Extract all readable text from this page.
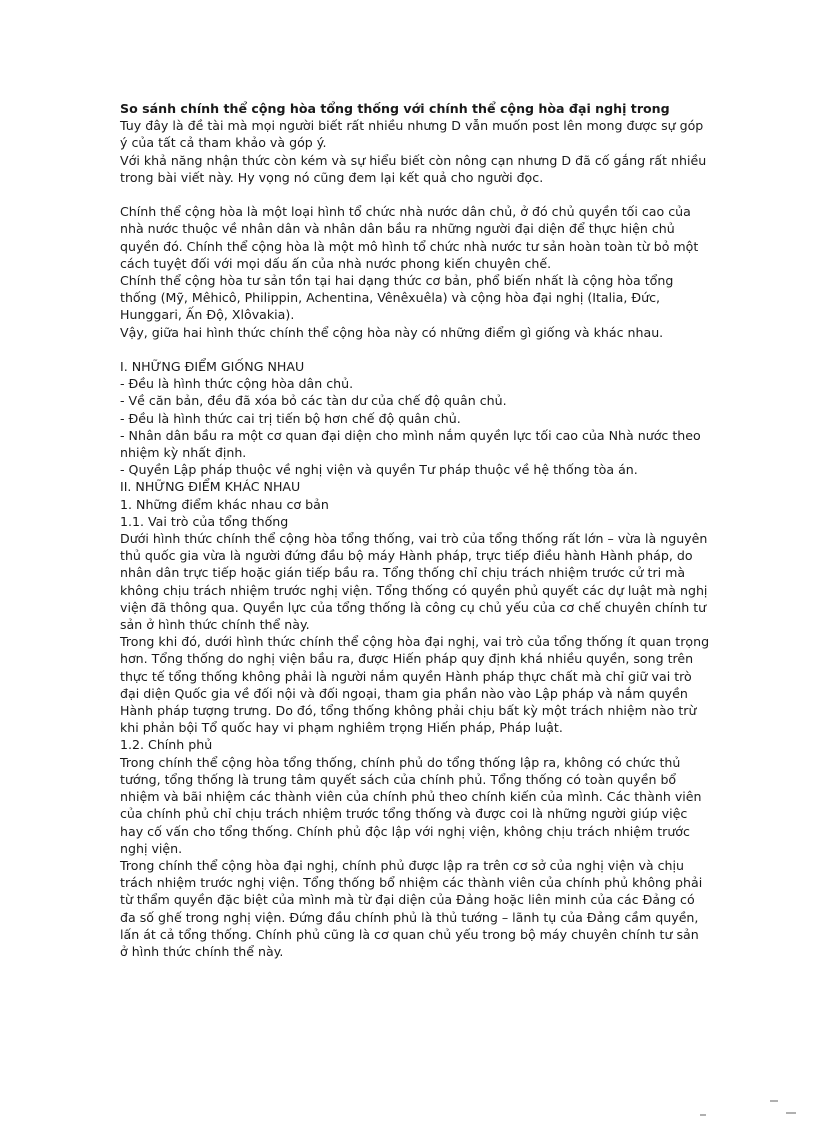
So sánh chính thể cộng hòa tổng thống với chính thể cộng hòa đại nghị trong

Tuy đây là đề tài mà mọi người biết rất nhiều nhưng D vẫn muốn post lên mong được sự góp ý của tất cả tham khảo và góp ý.

Với khả năng nhận thức còn kém và sự hiểu biết còn nông cạn nhưng D đã cố gắng rất nhiều trong bài viết này. Hy vọng nó cũng đem lại kết quả cho người đọc.

Chính thể cộng hòa là một loại hình tổ chức nhà nước dân chủ, ở đó chủ quyền tối cao của nhà nước thuộc về nhân dân và nhân dân bầu ra những người đại diện để thực hiện chủ quyền đó. Chính thể cộng hòa là một mô hình tổ chức nhà nước tư sản hoàn toàn từ bỏ một cách tuyệt đối với mọi dấu ấn của nhà nước phong kiến chuyên chế.

Chính thể cộng hòa tư sản tồn tại hai dạng thức cơ bản, phổ biến nhất là cộng hòa tổng thống (Mỹ, Mêhicô, Philippin, Achentina, Vênêxuêla) và cộng hòa đại nghị (Italia, Đức, Hunggari, Ấn Độ, Xlôvakia).

Vậy, giữa hai hình thức chính thể cộng hòa này có những điểm gì giống và khác nhau.

I. NHỮNG ĐIỂM GIỐNG NHAU

- Đều là hình thức cộng hòa dân chủ.

- Về căn bản, đều đã xóa bỏ các tàn dư của chế độ quân chủ.

- Đều là hình thức cai trị tiến bộ hơn chế độ quân chủ.

- Nhân dân bầu ra một cơ quan đại diện cho mình nắm quyền lực tối cao của Nhà nước theo nhiệm kỳ nhất định.

- Quyền Lập pháp thuộc về nghị viện và quyền Tư pháp thuộc về hệ thống tòa án.

II. NHỮNG ĐIỂM KHÁC NHAU

1. Những điểm khác nhau cơ bản

1.1. Vai trò của tổng thống

Dưới hình thức chính thể cộng hòa tổng thống, vai trò của tổng thống rất lớn – vừa là nguyên thủ quốc gia vừa là người đứng đầu bộ máy Hành pháp, trực tiếp điều hành Hành pháp, do nhân dân trực tiếp hoặc gián tiếp bầu ra. Tổng thống chỉ chịu trách nhiệm trước cử tri mà không chịu trách nhiệm trước nghị viện. Tổng thống có quyền phủ quyết các dự luật mà nghị viện đã thông qua. Quyền lực của tổng thống là công cụ chủ yếu của cơ chế chuyên chính tư sản ở hình thức chính thể này.

Trong khi đó, dưới hình thức chính thể cộng hòa đại nghị, vai trò của tổng thống ít quan trọng hơn. Tổng thống do nghị viện bầu ra, được Hiến pháp quy định khá nhiều quyền, song trên thực tế tổng thống không phải là người nắm quyền Hành pháp thực chất mà chỉ giữ vai trò đại diện Quốc gia về đối nội và đối ngoại, tham gia phần nào vào Lập pháp và nắm quyền Hành pháp tượng trưng. Do đó, tổng thống không phải chịu bất kỳ một trách nhiệm nào trừ khi phản bội Tổ quốc hay vi phạm nghiêm trọng Hiến pháp, Pháp luật.

1.2. Chính phủ

Trong chính thể cộng hòa tổng thống, chính phủ do tổng thống lập ra, không có chức thủ tướng, tổng thống là trung tâm quyết sách của chính phủ. Tổng thống có toàn quyền bổ nhiệm và bãi nhiệm các thành viên của chính phủ theo chính kiến của mình. Các thành viên của chính phủ chỉ chịu trách nhiệm trước tổng thống và được coi là những người giúp việc hay cố vấn cho tổng thống. Chính phủ độc lập với nghị viện, không chịu trách nhiệm trước nghị viện.

Trong chính thể cộng hòa đại nghị, chính phủ được lập ra trên cơ sở của nghị viện và chịu trách nhiệm trước nghị viện. Tổng thống bổ nhiệm các thành viên của chính phủ không phải từ thẩm quyền đặc biệt của mình mà từ đại diện của Đảng hoặc liên minh của các Đảng có đa số ghế trong nghị viện. Đứng đầu chính phủ là thủ tướng – lãnh tụ của Đảng cầm quyền, lấn át cả tổng thống. Chính phủ cũng là cơ quan chủ yếu trong bộ máy chuyên chính tư sản ở hình thức chính thể này.
